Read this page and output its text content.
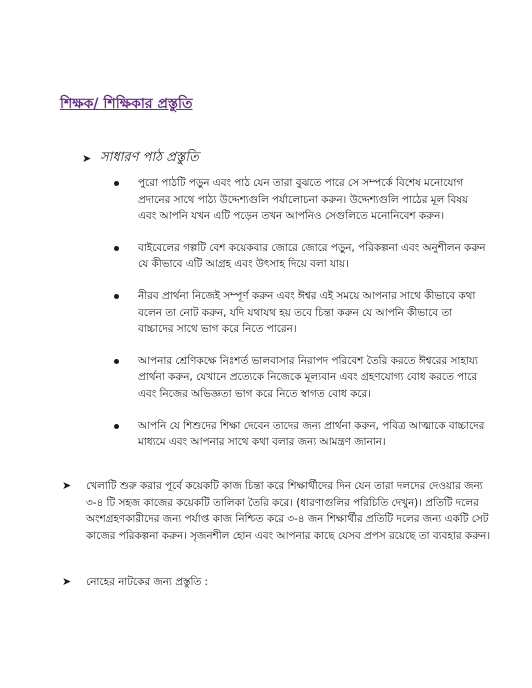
শিক্ষক/ শিক্ষিকার প্রস্তুতি
➤ সাধারণ পাঠ প্রস্তুতি
পুরো পাঠটি পড়ুন এবং পাঠ যেন তারা বুঝতে পারে সে সম্পর্কে বিশেষ মনোযোগ প্রদানের সাথে পাঠ্য উদ্দেশ্যগুলি পর্যালোচনা করুন। উদ্দেশ্যগুলি পাঠের মূল বিষয় এবং আপনি যখন এটি পড়েন তখন আপনিও সেগুলিতে মনোনিবেশ করুন।
বাইবেলের গল্পটি বেশ কয়েকবার জোরে জোরে পড়ুন, পরিকল্পনা এবং অনুশীলন করুন যে কীভাবে এটি আগ্রহ এবং উৎসাহ দিয়ে বলা যায়।
নীরব প্রার্থনা নিজেই সম্পূর্ণ করুন এবং ঈশ্বর এই সময়ে আপনার সাথে কীভাবে কথা বলেন তা নোট করুন, যদি যথাযথ হয় তবে চিন্তা করুন যে আপনি কীভাবে তা বাচ্চাদের সাথে ভাগ করে নিতে পারেন।
আপনার শ্রেণিকক্ষে নিঃশর্ত ভালবাসার নিরাপদ পরিবেশ তৈরি করতে ঈশ্বরের সাহায্য প্রার্থনা করুন, যেখানে প্রত্যেকে নিজেকে মূল্যবান এবং গ্রহণযোগ্য বোধ করতে পারে এবং নিজের অভিজ্ঞতা ভাগ করে নিতে স্বাগত বোধ করে।
আপনি যে শিশুদের শিক্ষা দেবেন তাদের জন্য প্রার্থনা করুন, পবিত্র আত্মাকে বাচ্চাদের মাধ্যমে এবং আপনার সাথে কথা বলার জন্য আমন্ত্রণ জানান।
➤	খেলাটি শুরু করার পূর্বে কয়েকটি কাজ চিন্তা করে শিক্ষার্থীদের দিন যেন তারা দলদের দেওয়ার জন্য ৩-৪ টি সহজ কাজের কয়েকটি তালিকা তৈরি করে। (ধারণাগুলির পরিচিতি দেখুন)। প্রতিটি দলের অংশগ্রহণকারীদের জন্য পর্যাপ্ত কাজ নিশ্চিত করে ৩-৪ জন শিক্ষার্থীর প্রতিটি দলের জন্য একটি সেট কাজের পরিকল্পনা করুন। সৃজনশীল হোন এবং আপনার কাছে যেসব প্রপস রয়েছে তা ব্যবহার করুন।
➤	নোহের নাটকের জন্য প্রস্তুতি :
